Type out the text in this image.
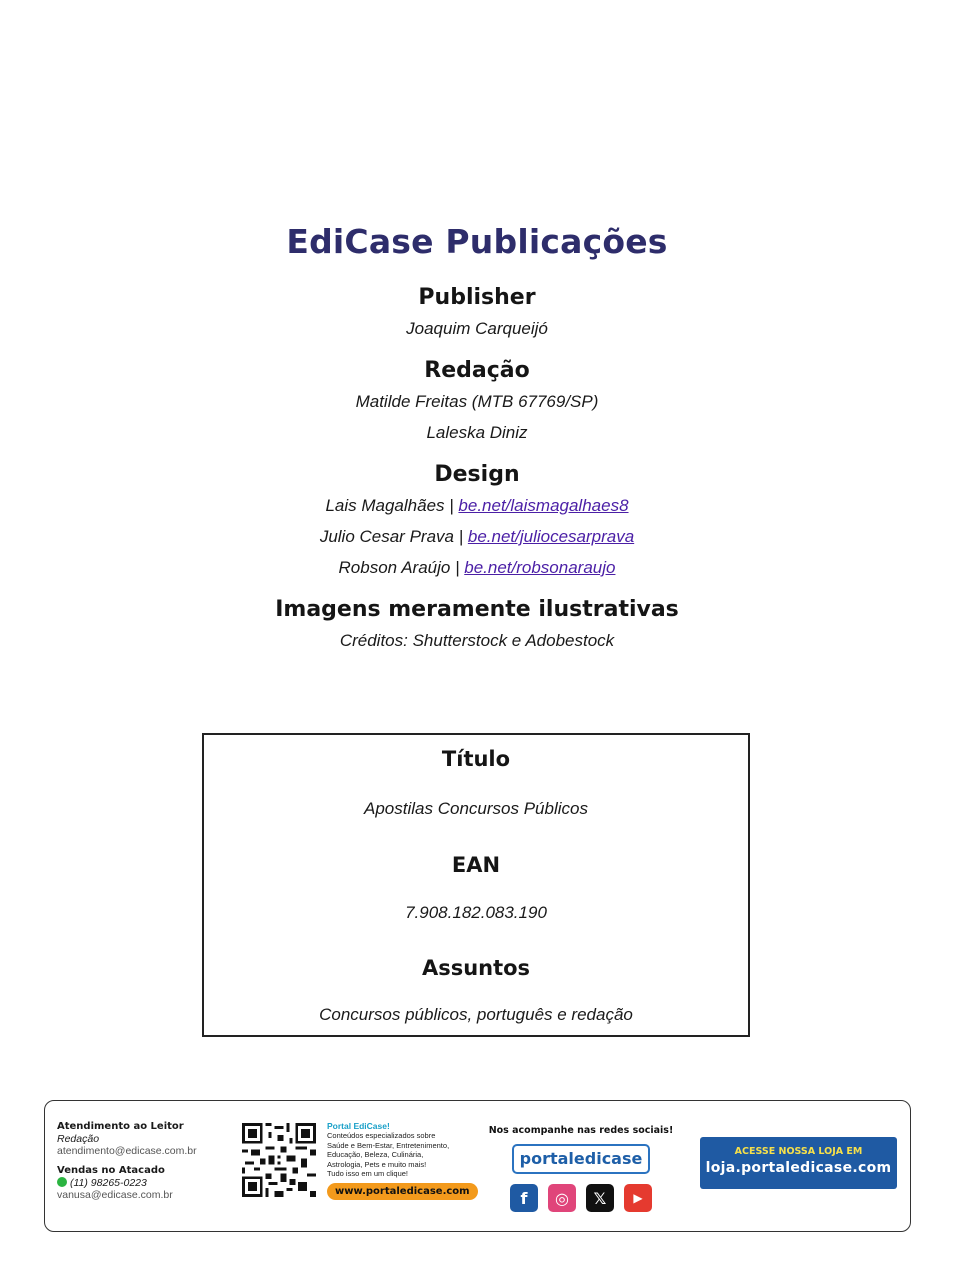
EdiCase Publicações
Publisher
Joaquim Carqueijó
Redação
Matilde Freitas (MTB 67769/SP)
Laleska Diniz
Design
Lais Magalhães | be.net/laismagalhaes8
Julio Cesar Prava | be.net/juliocesarprava
Robson Araújo | be.net/robsonaraujo
Imagens meramente ilustrativas
Créditos: Shutterstock e Adobestock
Título
Apostilas Concursos Públicos
EAN
7.908.182.083.190
Assuntos
Concursos públicos, português e redação
Atendimento ao Leitor
Redação
atendimento@edicase.com.br
Vendas no Atacado
(11) 98265-0223
vanusa@edicase.com.br
Portal EdiCase!
Conteúdos especializados sobre
Saúde e Bem-Estar, Entretenimento,
Educação, Beleza, Culinária,
Astrologia, Pets e muito mais!
Tudo isso em um clique!
www.portaledicase.com
Nos acompanhe nas redes sociais!
portaledicase
f	◎	𝕏	▶
ACESSE NOSSA LOJA EM
loja.portaledicase.com
